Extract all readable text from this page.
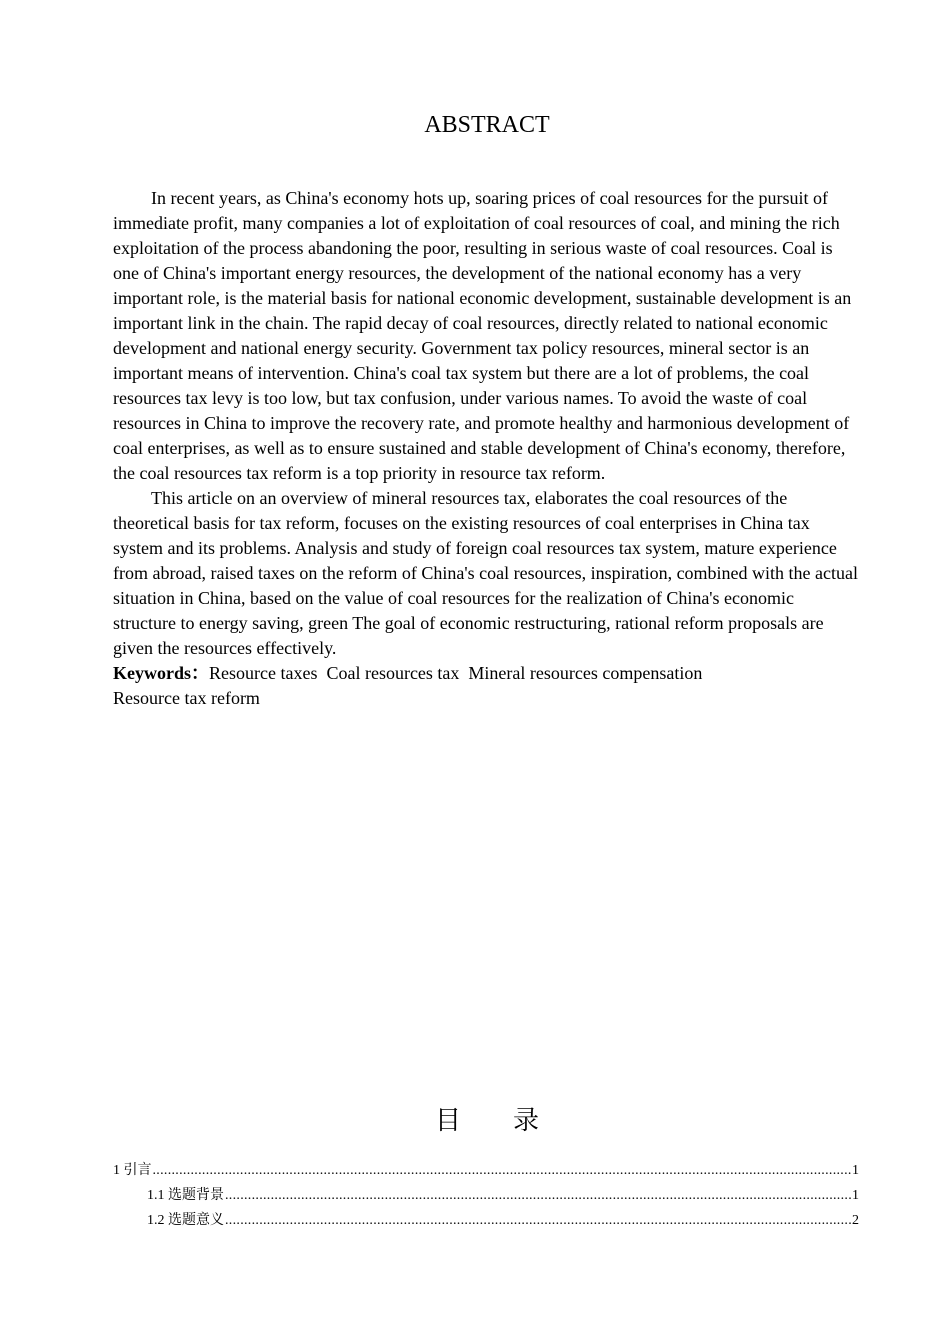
ABSTRACT

In recent years, as China's economy hots up, soaring prices of coal resources for the pursuit of immediate profit, many companies a lot of exploitation of coal resources of coal, and mining the rich exploitation of the process abandoning the poor, resulting in serious waste of coal resources. Coal is one of China's important energy resources, the development of the national economy has a very important role, is the material basis for national economic development, sustainable development is an important link in the chain. The rapid decay of coal resources, directly related to national economic development and national energy security. Government tax policy resources, mineral sector is an important means of intervention. China's coal tax system but there are a lot of problems, the coal resources tax levy is too low, but tax confusion, under various names. To avoid the waste of coal resources in China to improve the recovery rate, and promote healthy and harmonious development of coal enterprises, as well as to ensure sustained and stable development of China's economy, therefore, the coal resources tax reform is a top priority in resource tax reform.

This article on an overview of mineral resources tax, elaborates the coal resources of the theoretical basis for tax reform, focuses on the existing resources of coal enterprises in China tax system and its problems. Analysis and study of foreign coal resources tax system, mature experience from abroad, raised taxes on the reform of China's coal resources, inspiration, combined with the actual situation in China, based on the value of coal resources for the realization of China's economic structure to energy saving, green The goal of economic restructuring, rational reform proposals are given the resources effectively.

Keywords：Resource taxes Coal resources tax Mineral resources compensation
Resource tax reform
目　　录
1 引言 .....	1
1.1 选题背景 .....	1
1.2 选题意义 .....	2
